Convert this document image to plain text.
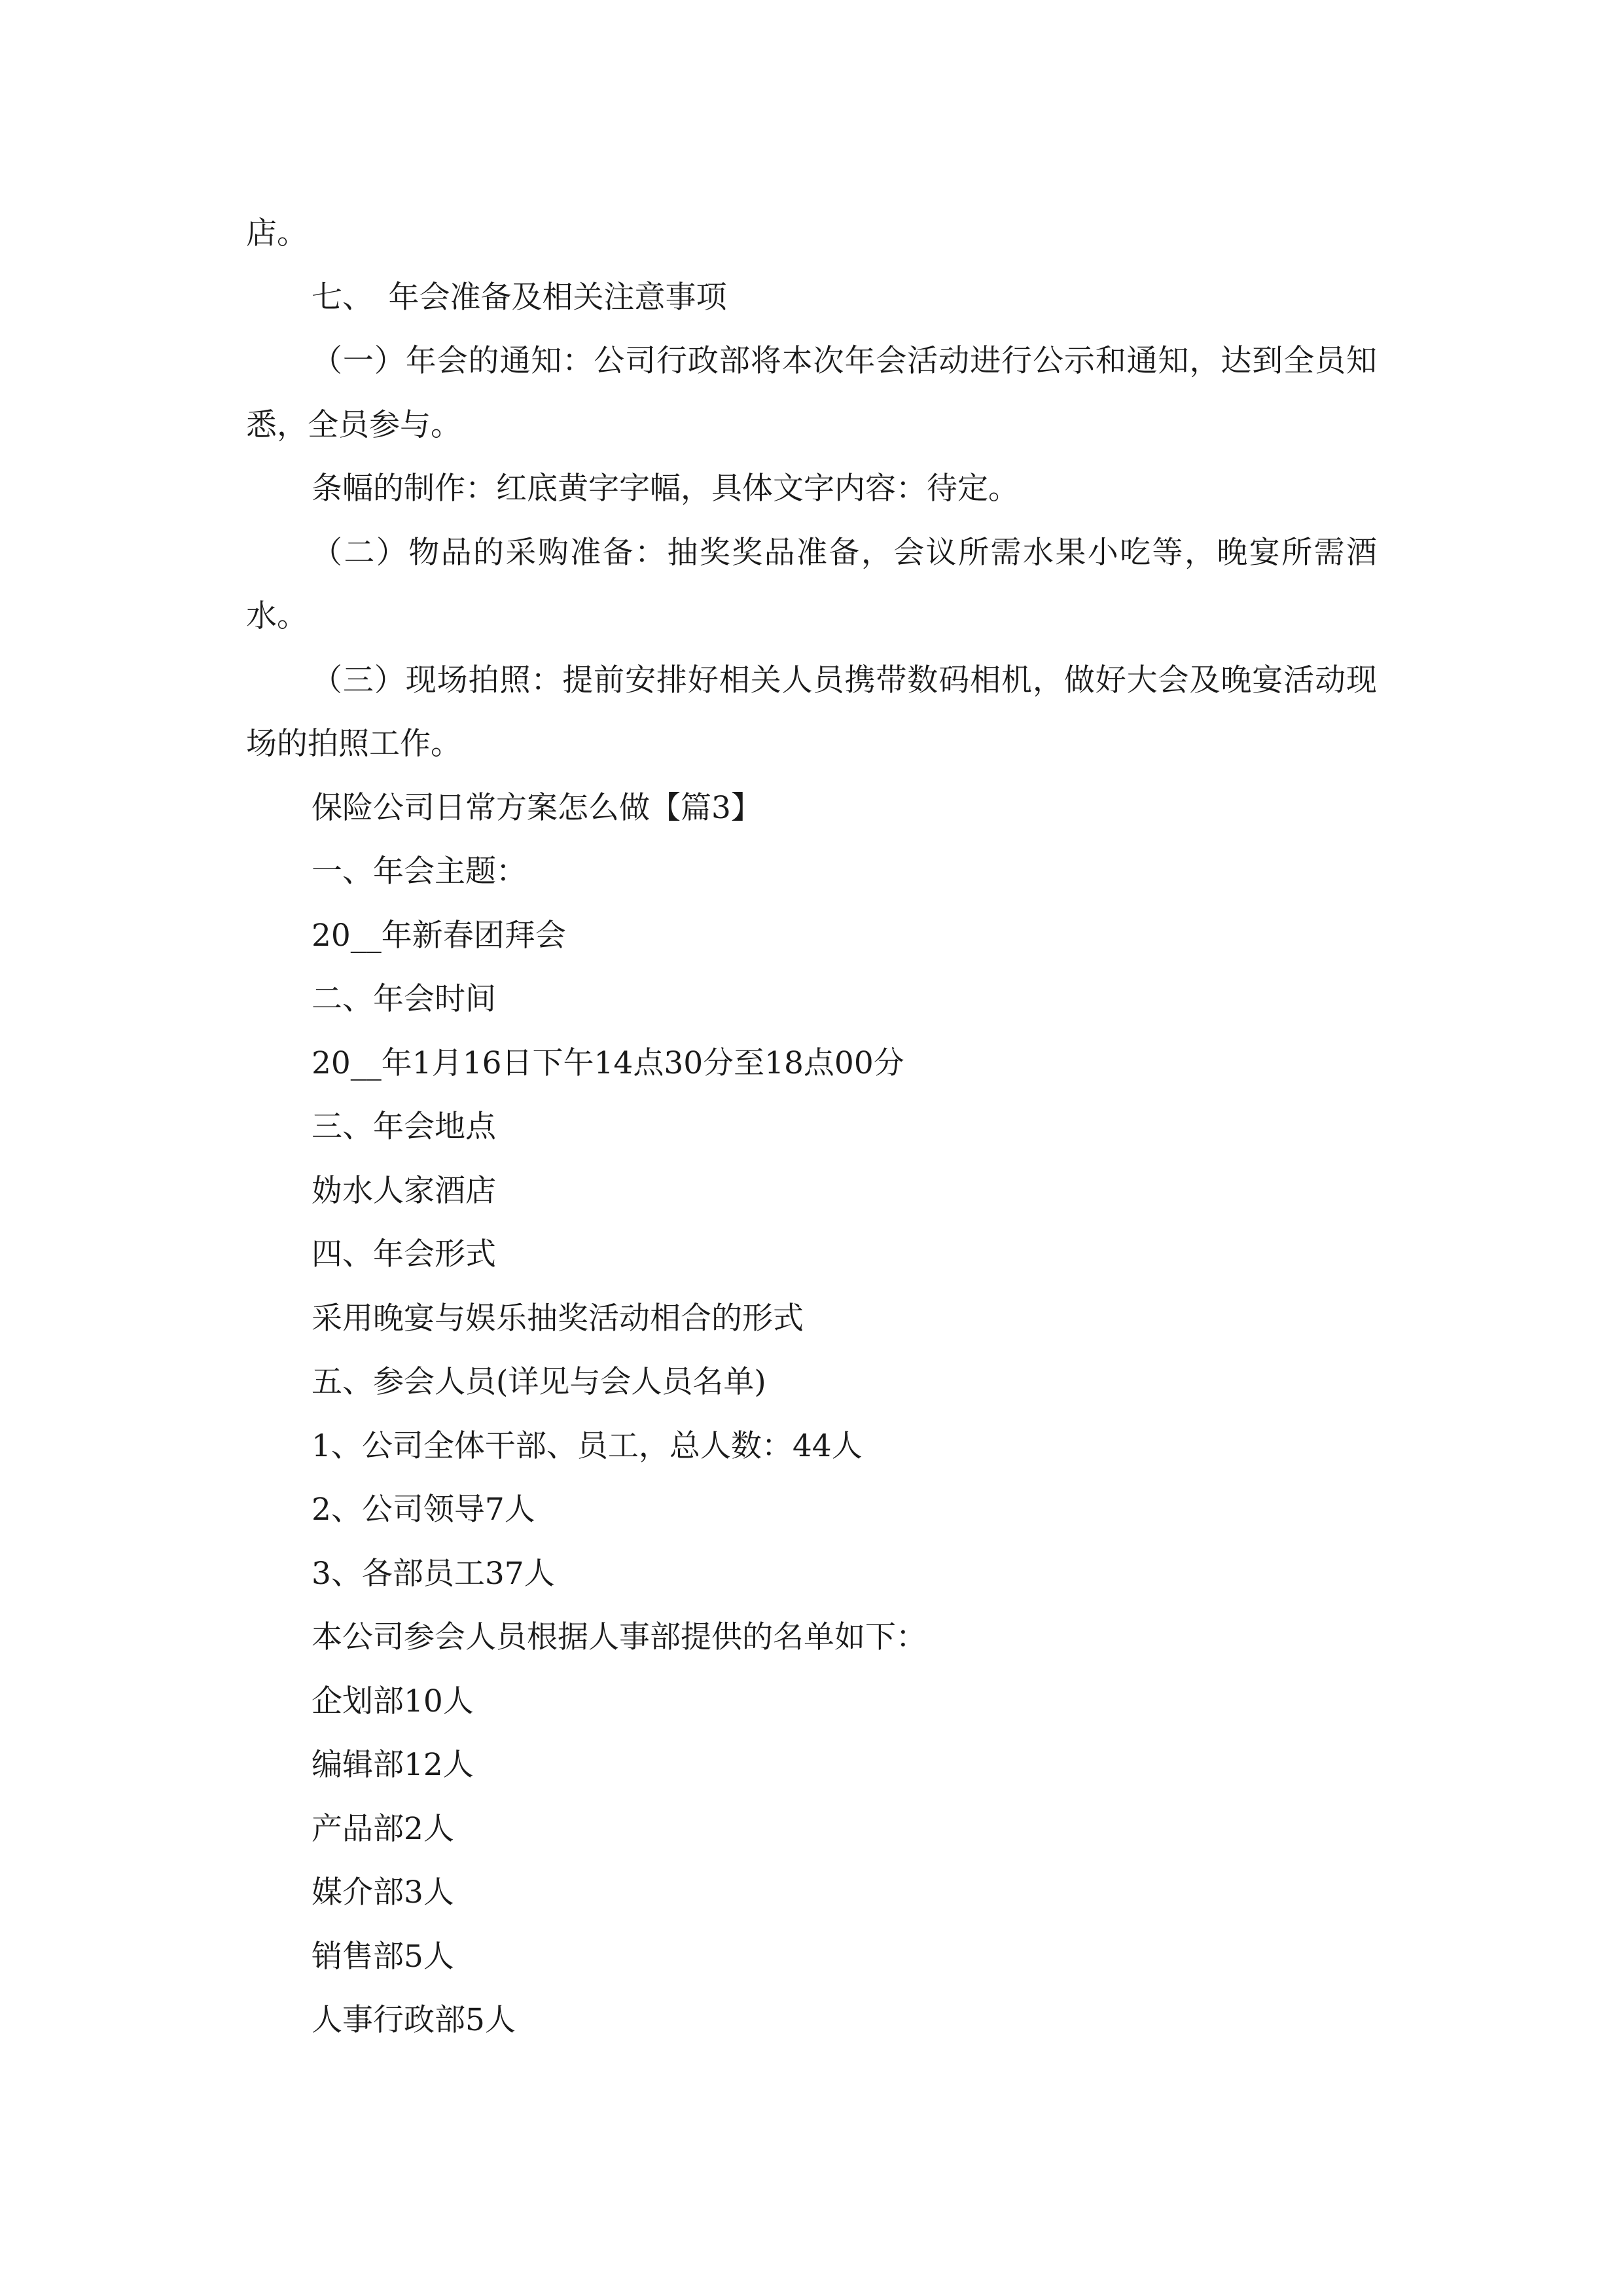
店。

七、　年会准备及相关注意事项

（一）年会的通知：公司行政部将本次年会活动进行公示和通知，达到全员知悉，全员参与。

条幅的制作：红底黄字字幅，具体文字内容：待定。

（二）物品的采购准备：抽奖奖品准备，会议所需水果小吃等，晚宴所需酒水。

（三）现场拍照：提前安排好相关人员携带数码相机，做好大会及晚宴活动现场的拍照工作。

保险公司日常方案怎么做【篇3】

一、年会主题：

20__年新春团拜会

二、年会时间

20__年1月16日下午14点30分至18点00分

三、年会地点

妫水人家酒店

四、年会形式

采用晚宴与娱乐抽奖活动相合的形式

五、参会人员(详见与会人员名单)

1、公司全体干部、员工，总人数：44人

2、公司领导7人

3、各部员工37人

本公司参会人员根据人事部提供的名单如下：

企划部10人

编辑部12人

产品部2人

媒介部3人

销售部5人

人事行政部5人
